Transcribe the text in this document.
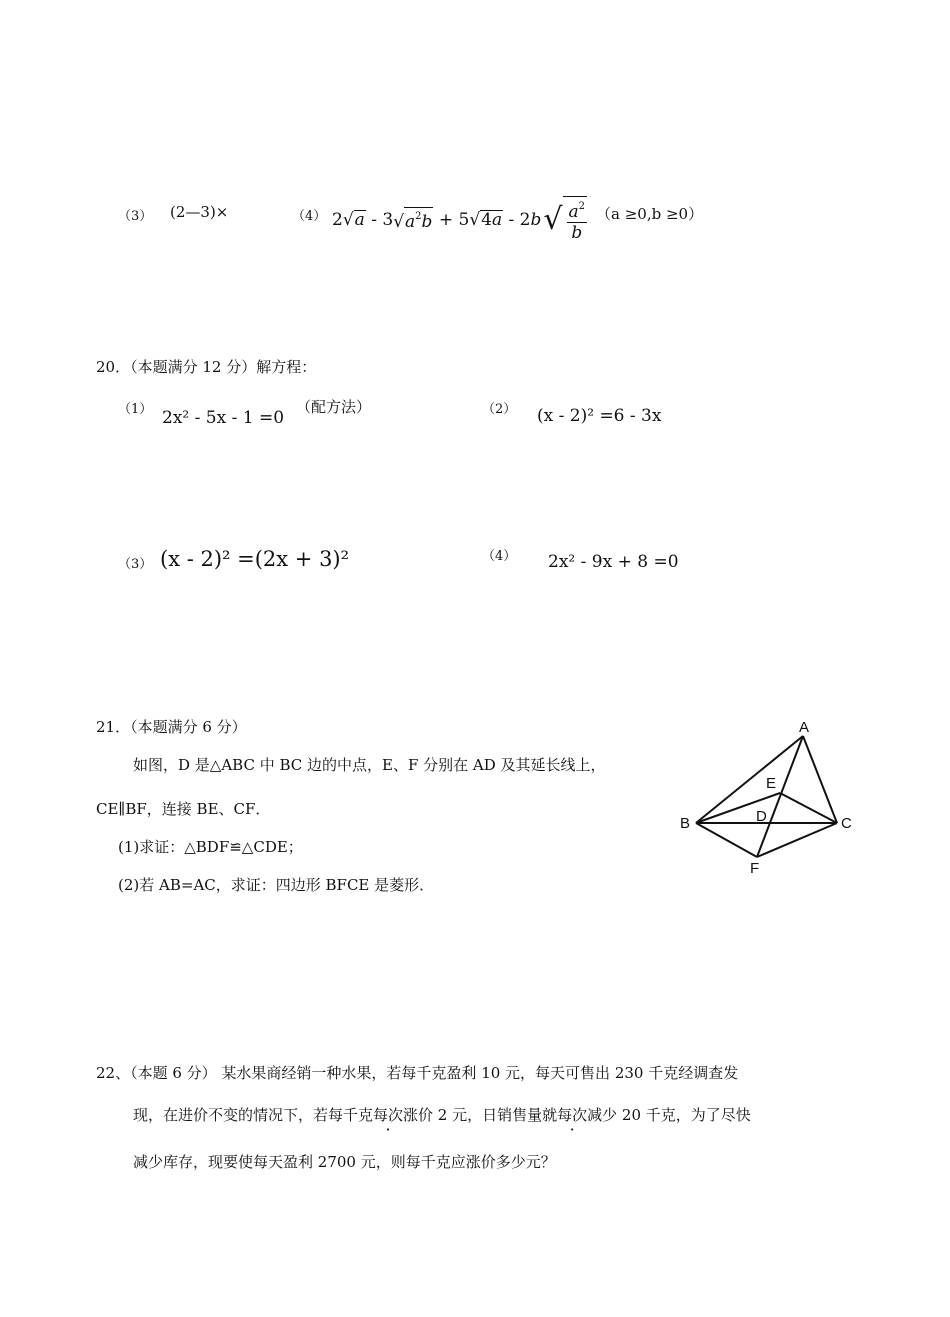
（3） (2—3)×	（4） 2 √a - 3 $√a^2b + 5$ √4a - 2b √ $\frac{a^2}{b} (a \ge 0,b \ge 0)$
20．（本题满分 12 分）解方程：
（1） 2x² - 5x - 1 =0
（配方法）	（2） (x - 2)² =6 - 3x
（3） (x - 2)² =(2x + 3)²	（4） 2x² - 9x + 8 =0
21．（本题满分 6 分）
如图，D 是△ABC 中 BC 边的中点，E、F 分别在 AD 及其延长线上，
CE∥BF，连接 BE、CF．
(1)求证：△BDF≌△CDE；
(2)若 AB=AC，求证：四边形 BFCE 是菱形．
A
B	C
D
E
F
22、（本题 6 分） 某水果商经销一种水果，若每千克盈利 10 元，每天可售出 230 千克经调查发
现，在进价不变的情况下，若每千克每次涨价 2 元，日销售量就每次减少 20 千克，为了尽快
减少库存，现要使每天盈利 2700 元，则每千克应涨价多少元？
